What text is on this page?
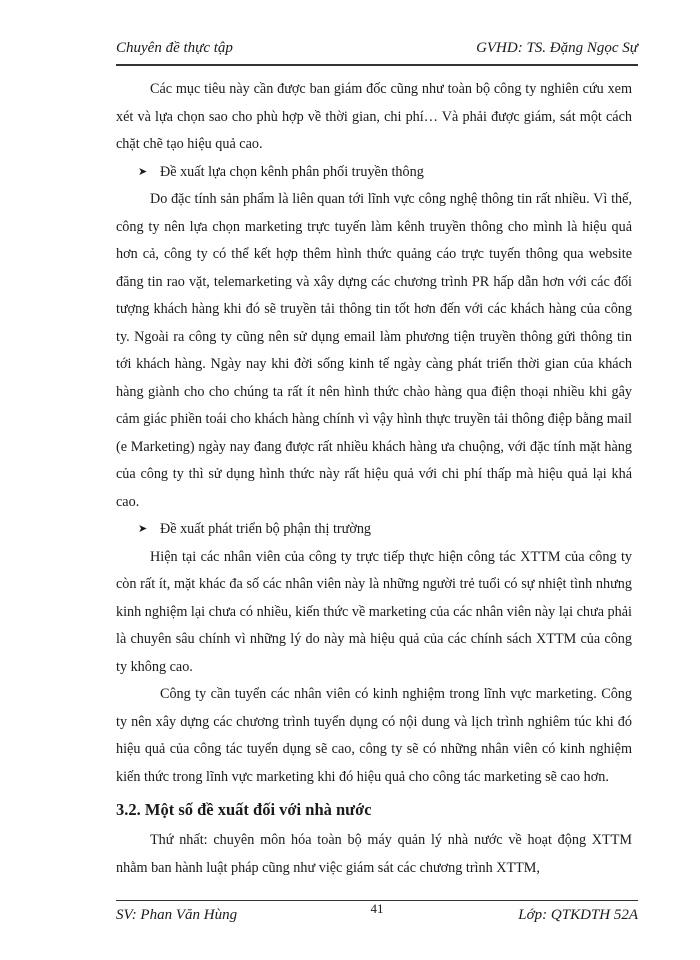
Chuyên đề thực tập	GVHD: TS. Đặng Ngọc Sự

Các mục tiêu này cần được ban giám đốc cũng như toàn bộ công ty nghiên cứu xem xét và lựa chọn sao cho phù hợp về thời gian, chi phí… Và phải được giám, sát một cách chặt chẽ tạo hiệu quả cao.

➤ Đề xuất lựa chọn kênh phân phối truyền thông

Do đặc tính sản phẩm là liên quan tới lĩnh vực công nghệ thông tin rất nhiều. Vì thế, công ty nên lựa chọn marketing trực tuyến làm kênh truyền thông cho mình là hiệu quả hơn cả, công ty có thể kết hợp thêm hình thức quảng cáo trực tuyến thông qua website đăng tin rao vặt, telemarketing và xây dựng các chương trình PR hấp dẫn hơn với các đối tượng khách hàng khi đó sẽ truyền tải thông tin tốt hơn đến với các khách hàng của công ty. Ngoài ra công ty cũng nên sử dụng email làm phương tiện truyền thông gửi thông tin tới khách hàng. Ngày nay khi đời sống kinh tế ngày càng phát triển thời gian của khách hàng giành cho cho chúng ta rất ít nên hình thức chào hàng qua điện thoại nhiều khi gây cảm giác phiền toái cho khách hàng chính vì vậy hình thực truyền tải thông điệp bằng mail (e Marketing) ngày nay đang được rất nhiều khách hàng ưa chuộng, với đặc tính mặt hàng của công ty thì sử dụng hình thức này rất hiệu quả với chi phí thấp mà hiệu quả lại khá cao.

➤ Đề xuất phát triển bộ phận thị trường

Hiện tại các nhân viên của công ty trực tiếp thực hiện công tác XTTM của công ty còn rất ít, mặt khác đa số các nhân viên này là những người trẻ tuổi có sự nhiệt tình nhưng kinh nghiệm lại chưa có nhiều, kiến thức về marketing của các nhân viên này lại chưa phải là chuyên sâu chính vì những lý do này mà hiệu quả của các chính sách XTTM của công ty không cao.

Công ty cần tuyển các nhân viên có kinh nghiệm trong lĩnh vực marketing. Công ty nên xây dựng các chương trình tuyển dụng có nội dung và lịch trình nghiêm túc khi đó hiệu quả của công tác tuyển dụng sẽ cao, công ty sẽ có những nhân viên có kinh nghiệm kiến thức trong lĩnh vực marketing khi đó hiệu quả cho công tác marketing sẽ cao hơn.

3.2. Một số đề xuất đối với nhà nước

Thứ nhất: chuyên môn hóa toàn bộ máy quản lý nhà nước về hoạt động XTTM nhằm ban hành luật pháp cũng như việc giám sát các chương trình XTTM,

SV: Phan Văn Hùng	41	Lớp: QTKDTH 52A
